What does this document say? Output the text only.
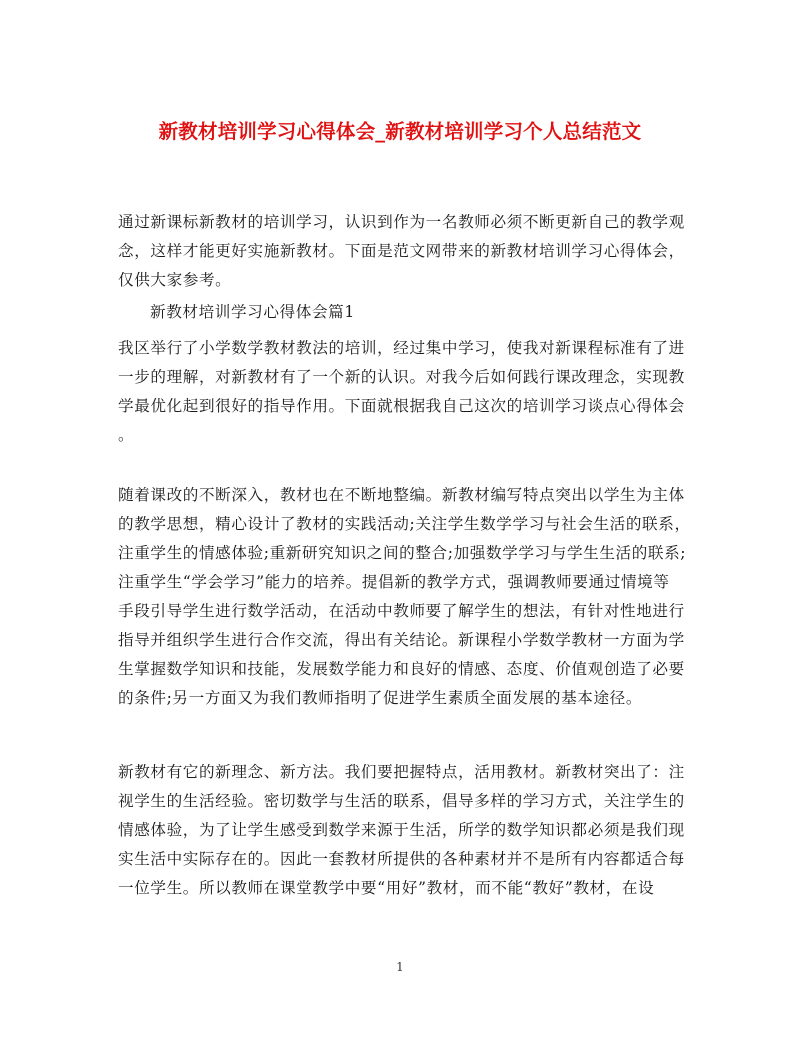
新教材培训学习心得体会_新教材培训学习个人总结范文
通过新课标新教材的培训学习，认识到作为一名教师必须不断更新自己的教学观
念，这样才能更好实施新教材。下面是范文网带来的新教材培训学习心得体会，
仅供大家参考。
新教材培训学习心得体会篇1
我区举行了小学数学教材教法的培训，经过集中学习，使我对新课程标准有了进
一步的理解，对新教材有了一个新的认识。对我今后如何践行课改理念，实现教
学最优化起到很好的指导作用。下面就根据我自己这次的培训学习谈点心得体会
。
随着课改的不断深入，教材也在不断地整编。新教材编写特点突出以学生为主体
的教学思想，精心设计了教材的实践活动;关注学生数学学习与社会生活的联系，
注重学生的情感体验;重新研究知识之间的整合;加强数学学习与学生生活的联系;
注重学生“学会学习”能力的培养。提倡新的教学方式，强调教师要通过情境等
手段引导学生进行数学活动，在活动中教师要了解学生的想法，有针对性地进行
指导并组织学生进行合作交流，得出有关结论。新课程小学数学教材一方面为学
生掌握数学知识和技能，发展数学能力和良好的情感、态度、价值观创造了必要
的条件;另一方面又为我们教师指明了促进学生素质全面发展的基本途径。
新教材有它的新理念、新方法。我们要把握特点，活用教材。新教材突出了：注
视学生的生活经验。密切数学与生活的联系，倡导多样的学习方式，关注学生的
情感体验，为了让学生感受到数学来源于生活，所学的数学知识都必须是我们现
实生活中实际存在的。因此一套教材所提供的各种素材并不是所有内容都适合每
一位学生。所以教师在课堂教学中要“用好”教材，而不能“教好”教材，在设
1
